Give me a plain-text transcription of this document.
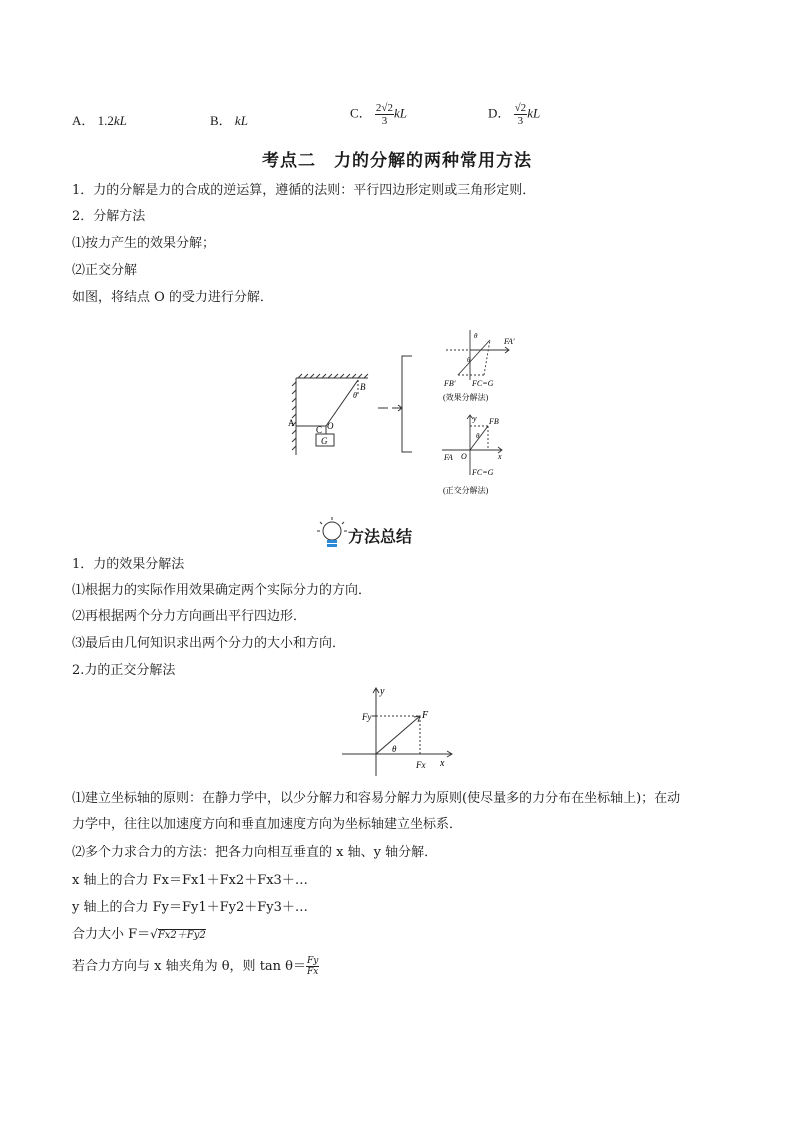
A． 1.2kL	B． kL
C． $\frac{2√2}{3}$ kL	D． $\frac{√2}{3}$ kL
考点二　力的分解的两种常用方法
1．力的分解是力的合成的逆运算，遵循的法则：平行四边形定则或三角形定则．
2．分解方法
⑴按力产生的效果分解；
⑵正交分解
如图，将结点 O 的受力进行分解．
A
B
θ
C O
G
θ
θ
FA'
FB' FC=G
(效果分解法)
y FB
θ
FA O	x
FC=G
(正交分解法)
方法总结
1．力的效果分解法
⑴根据力的实际作用效果确定两个实际分力的方向．
⑵再根据两个分力方向画出平行四边形．
⑶最后由几何知识求出两个分力的大小和方向．
2.力的正交分解法
y
x
F
Fy
Fx
θ
⑴建立坐标轴的原则：在静力学中，以少分解力和容易分解力为原则(使尽量多的力分布在坐标轴上)；在动
力学中，往往以加速度方向和垂直加速度方向为坐标轴建立坐标系．
⑵多个力求合力的方法：把各力向相互垂直的 x 轴、y 轴分解．
x 轴上的合力 Fx＝Fx1＋Fx2＋Fx3＋…
y 轴上的合力 Fy＝Fy1＋Fy2＋Fy3＋…
合力大小 F＝√Fx2＋Fy2
若合力方向与 x 轴夹角为 θ，则 $\tan \theta= \frac{Fy}{Fx}$
